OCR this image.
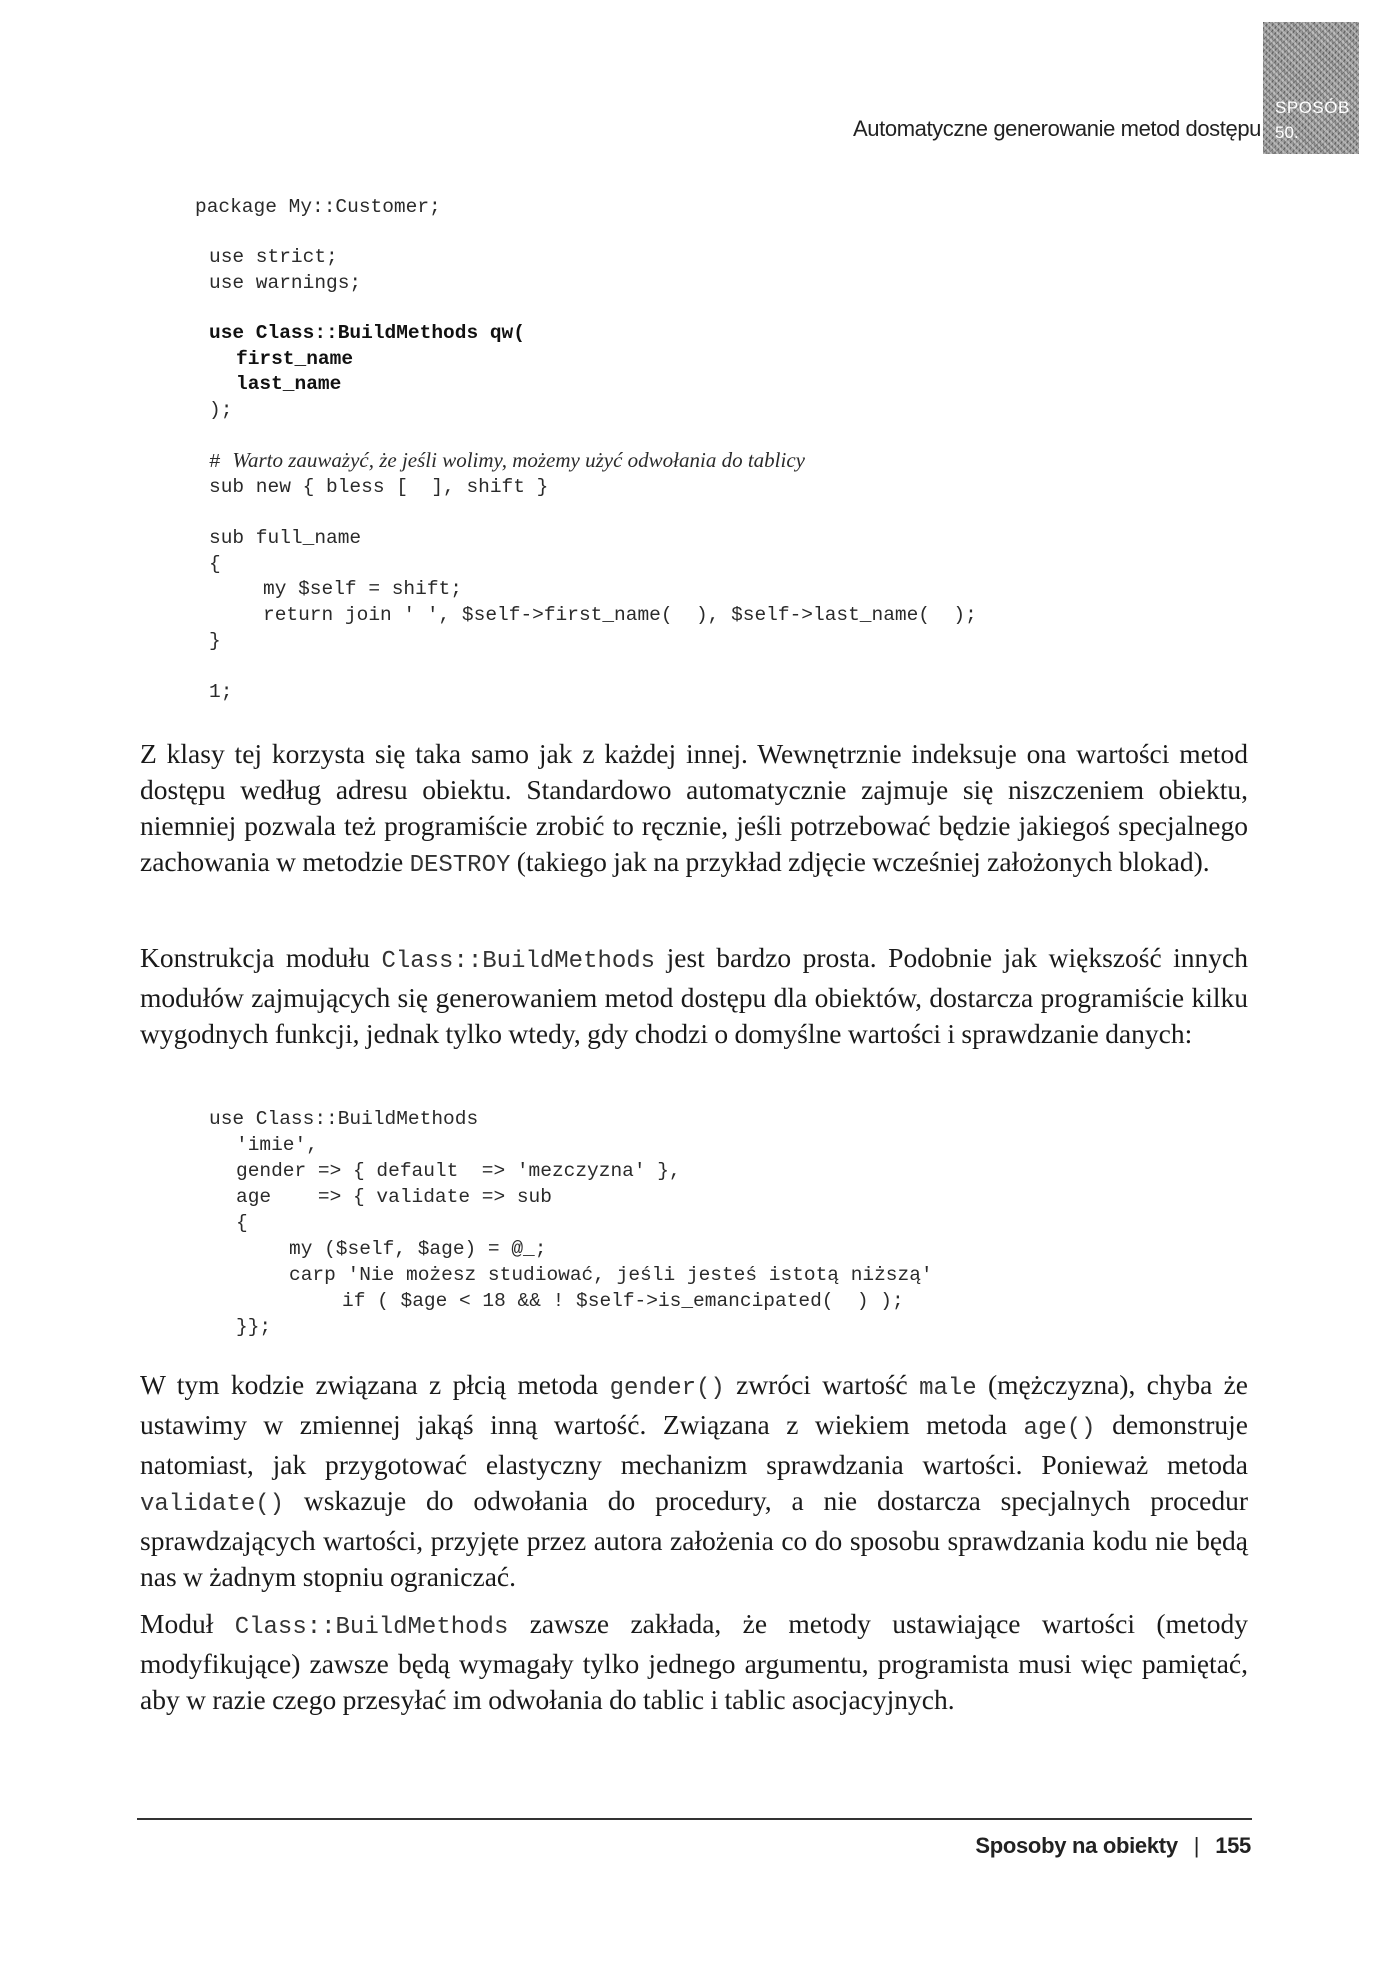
Automatyczne generowanie metod dostępu
SPOSÓB
50.
package My::Customer;
use strict;
use warnings;
use Class::BuildMethods qw(
first_name
last_name
);
# Warto zauważyć, że jeśli wolimy, możemy użyć odwołania do tablicy
sub new { bless [  ], shift }
sub full_name
{
my $self = shift;
return join ' ', $self->first_name(  ), $self->last_name(  );
}
1;

Z klasy tej korzysta się taka samo jak z każdej innej. Wewnętrznie indeksuje ona wartości metod dostępu według adresu obiektu. Standardowo automatycznie zajmuje się niszczeniem obiektu, niemniej pozwala też programiście zrobić to ręcznie, jeśli potrzebować będzie jakiegoś specjalnego zachowania w metodzie DESTROY (takiego jak na przykład zdjęcie wcześniej założonych blokad).

Konstrukcja modułu Class::BuildMethods jest bardzo prosta. Podobnie jak większość innych modułów zajmujących się generowaniem metod dostępu dla obiektów, dostarcza programiście kilku wygodnych funkcji, jednak tylko wtedy, gdy chodzi o domyślne wartości i sprawdzanie danych:

use Class::BuildMethods
'imie',
gender => { default  => 'mezczyzna' },
age    => { validate => sub
{
my ($self, $age) = @_;
carp 'Nie możesz studiować, jeśli jesteś istotą niższą'
if ( $age < 18 && ! $self->is_emancipated(  ) );
}};

W tym kodzie związana z płcią metoda gender() zwróci wartość male (mężczyzna), chyba że ustawimy w zmiennej jakąś inną wartość. Związana z wiekiem metoda age() demonstruje natomiast, jak przygotować elastyczny mechanizm sprawdzania wartości. Ponieważ metoda validate() wskazuje do odwołania do procedury, a nie dostarcza specjalnych procedur sprawdzających wartości, przyjęte przez autora założenia co do sposobu sprawdzania kodu nie będą nas w żadnym stopniu ograniczać.

Moduł Class::BuildMethods zawsze zakłada, że metody ustawiające wartości (metody modyfikujące) zawsze będą wymagały tylko jednego argumentu, programista musi więc pamiętać, aby w razie czego przesyłać im odwołania do tablic i tablic asocjacyjnych.

Sposoby na obiekty | 155
